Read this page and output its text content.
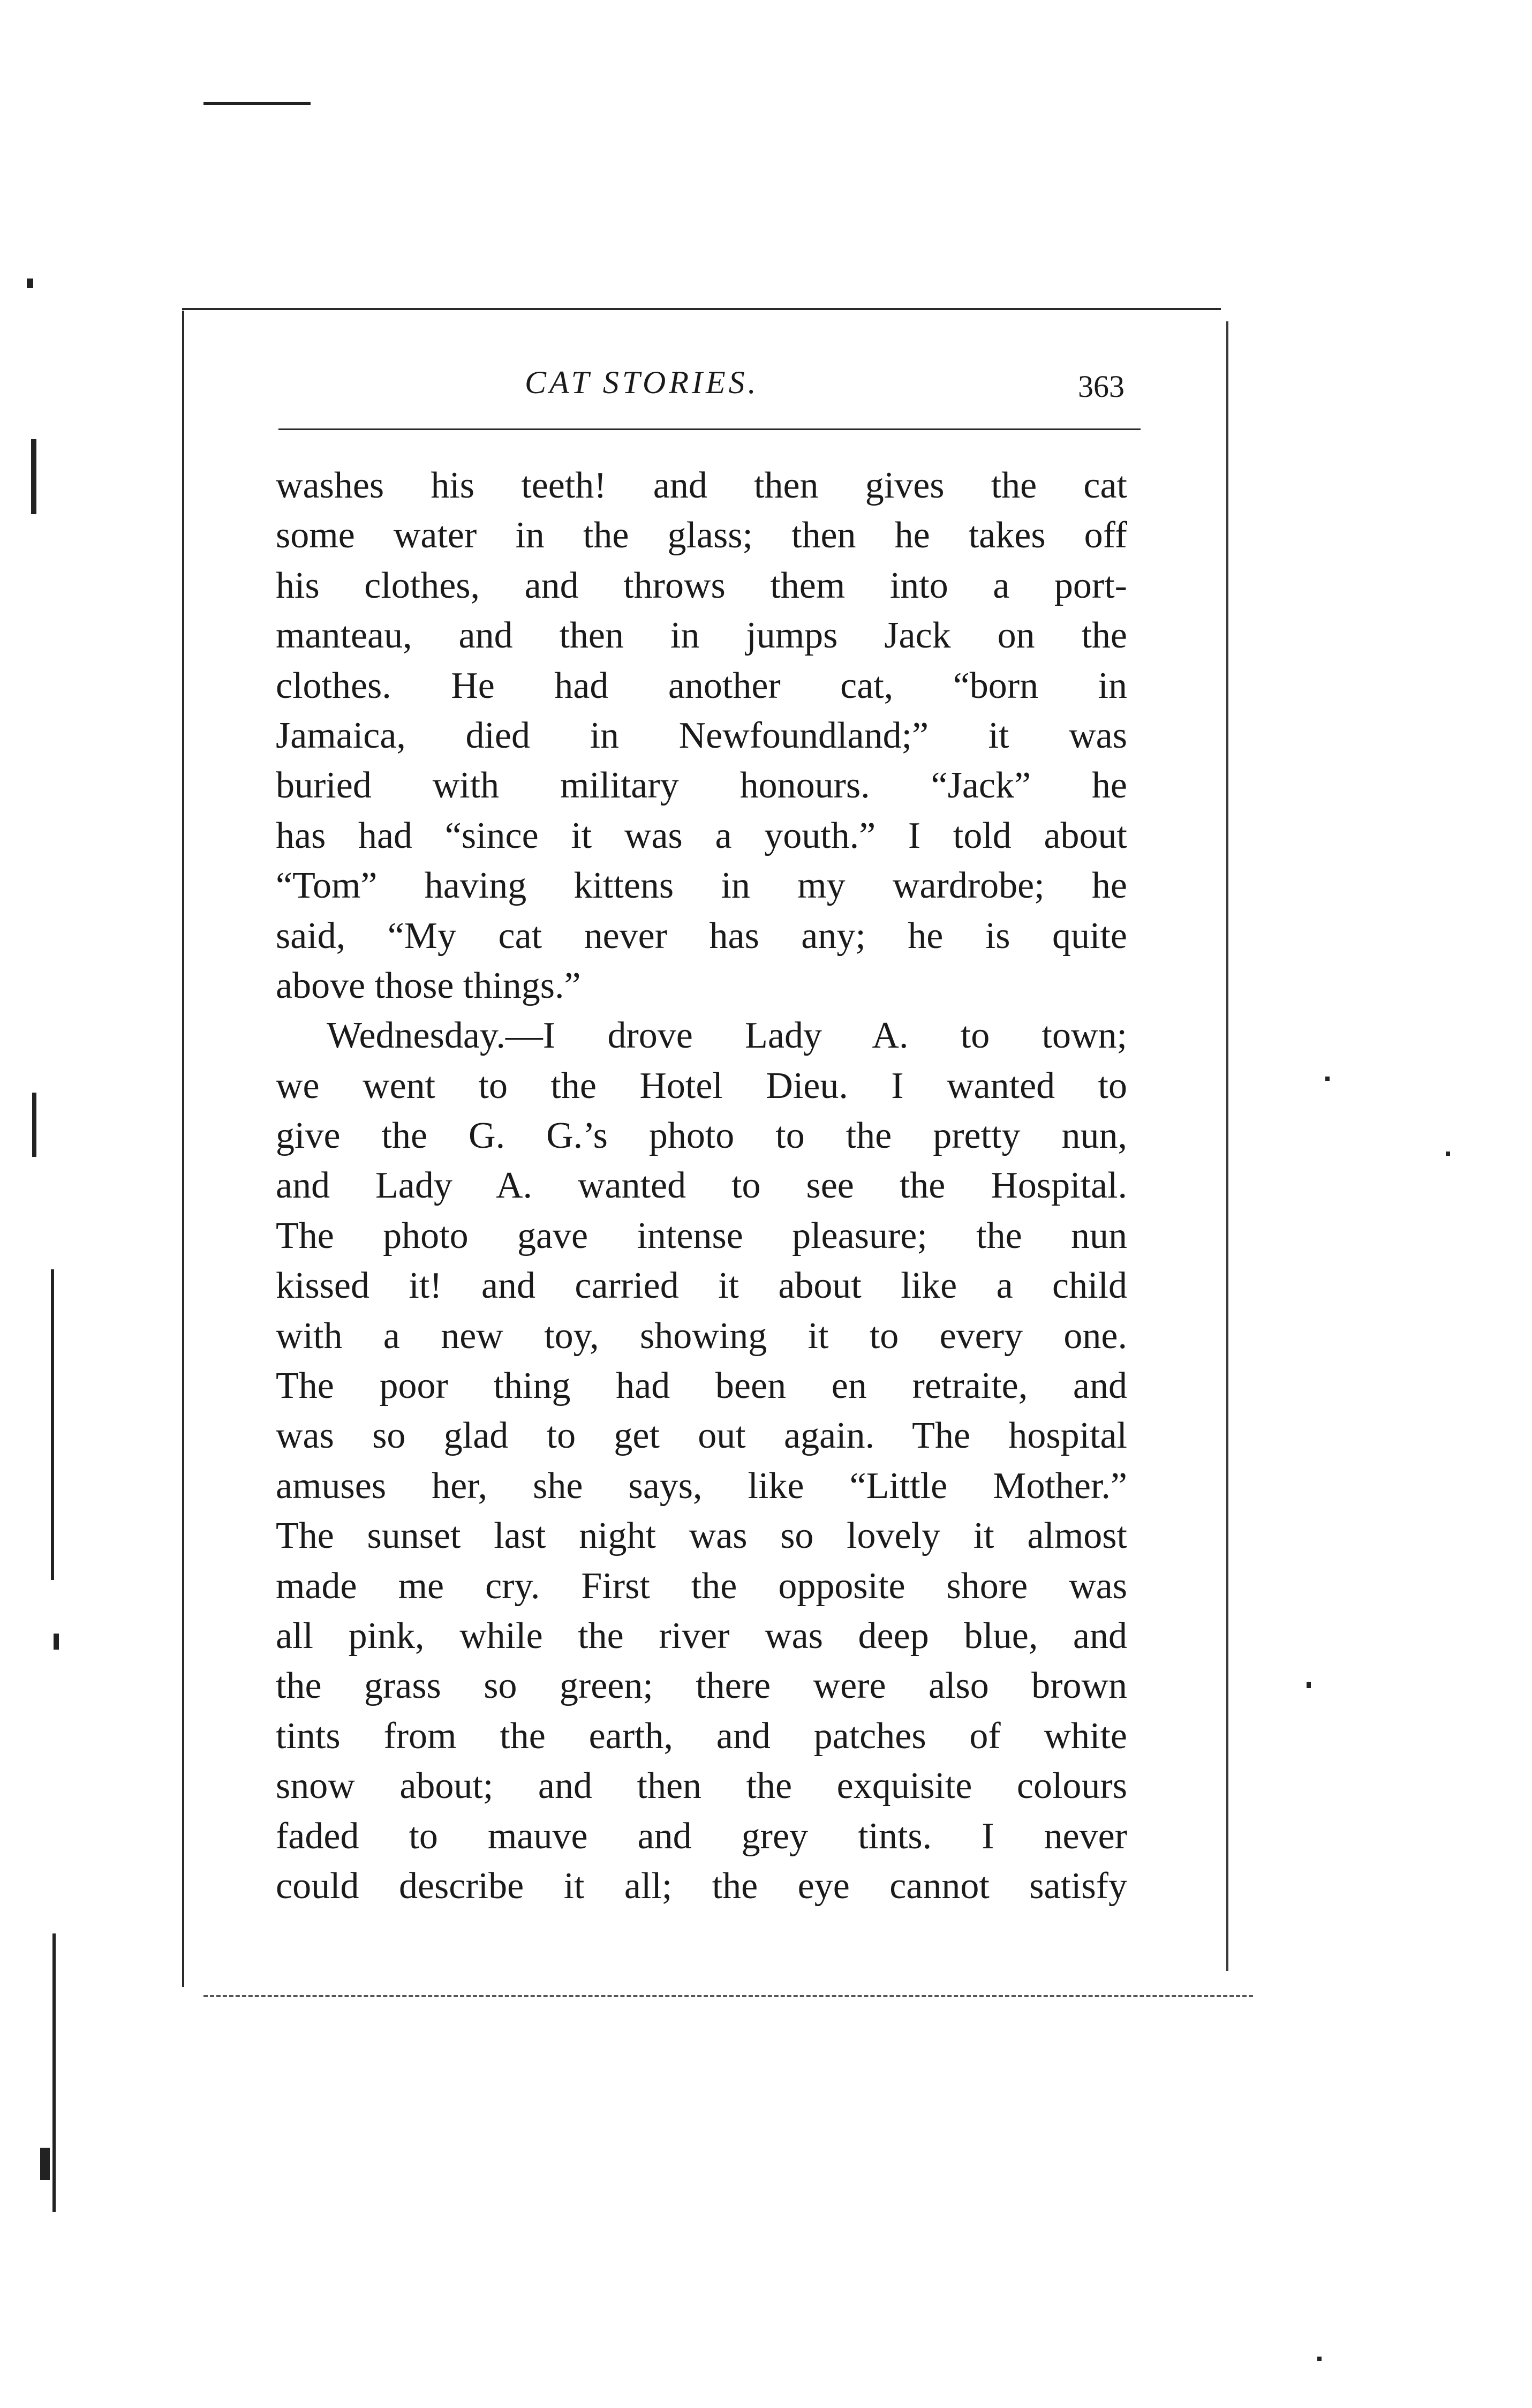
CAT STORIES.	363
washes his teeth! and then gives the cat
some water in the glass; then he takes off
his clothes, and throws them into a port-
manteau, and then in jumps Jack on the
clothes. He had another cat, “born in
Jamaica, died in Newfoundland;” it was
buried with military honours. “Jack” he
has had “since it was a youth.” I told about
“Tom” having kittens in my wardrobe; he
said, “My cat never has any; he is quite
above those things.”
Wednesday.—I drove Lady A. to town;
we went to the Hotel Dieu. I wanted to
give the G. G.’s photo to the pretty nun,
and Lady A. wanted to see the Hospital.
The photo gave intense pleasure; the nun
kissed it! and carried it about like a child
with a new toy, showing it to every one.
The poor thing had been en retraite, and
was so glad to get out again. The hospital
amuses her, she says, like “Little Mother.”
The sunset last night was so lovely it almost
made me cry. First the opposite shore was
all pink, while the river was deep blue, and
the grass so green; there were also brown
tints from the earth, and patches of white
snow about; and then the exquisite colours
faded to mauve and grey tints. I never
could describe it all; the eye cannot satisfy
